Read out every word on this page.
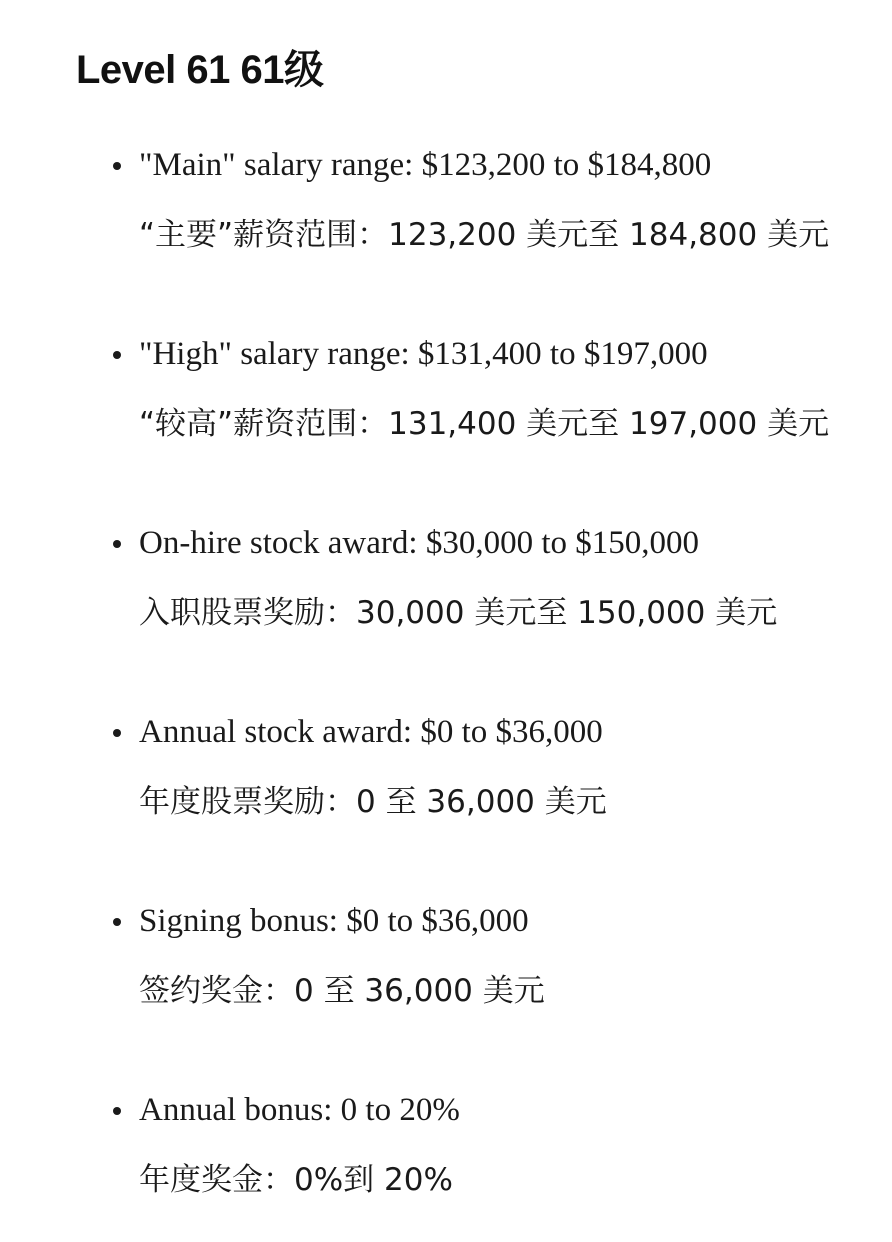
Level 61 61级

"Main" salary range: $123,200 to $184,800

“主要”薪资范围：123,200 美元至 184,800 美元

"High" salary range: $131,400 to $197,000

“较高”薪资范围：131,400 美元至 197,000 美元

On-hire stock award: $30,000 to $150,000

入职股票奖励：30,000 美元至 150,000 美元

Annual stock award: $0 to $36,000

年度股票奖励：0 至 36,000 美元

Signing bonus: $0 to $36,000

签约奖金：0 至 36,000 美元

Annual bonus: 0 to 20%

年度奖金：0%到 20%
